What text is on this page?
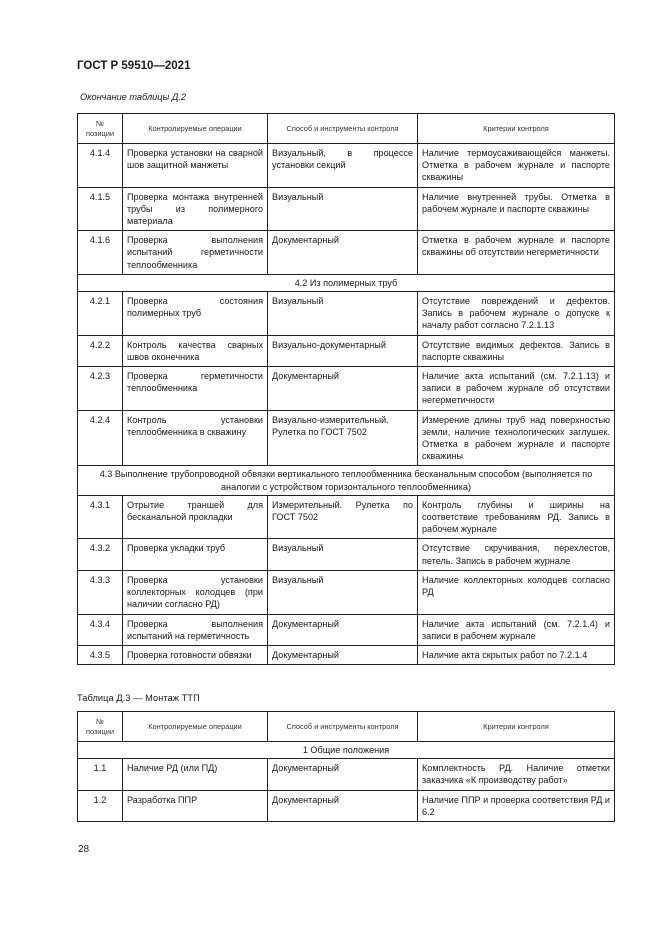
ГОСТ Р 59510—2021
Окончание таблицы Д.2
№ позиции	Контролируемые операции	Способ и инструменты контроля	Критерии контроля
4.1.4	Проверка установки на сварной шов защитной манжеты	Визуальный, в процессе установки секций	Наличие термоусаживающейся манжеты. Отметка в рабочем журнале и паспорте скважины
4.1.5	Проверка монтажа внутренней трубы из полимерного материала	Визуальный	Наличие внутренней трубы. Отметка в рабочем журнале и паспорте скважины
4.1.6	Проверка выполнения испытаний герметичности теплообменника	Документарный	Отметка в рабочем журнале и паспорте скважины об отсутствии негерметичности
4.2 Из полимерных труб			
4.2.1	Проверка состояния полимерных труб	Визуальный	Отсутствие повреждений и дефектов. Запись в рабочем журнале о допуске к началу работ согласно 7.2.1.13
4.2.2	Контроль качества сварных швов оконечника	Визуально-документарный	Отсутствие видимых дефектов. Запись в паспорте скважины
4.2.3	Проверка герметичности теплообменника	Документарный	Наличие акта испытаний (см. 7.2.1.13) и записи в рабочем журнале об отсутствии негерметичности
4.2.4	Контроль установки теплообменника в скважину	Визуально-измерительный. Рулетка по ГОСТ 7502	Измерение длины труб над поверхностью земли, наличие технологических заглушек. Отметка в рабочем журнале и паспорте скважины
4.3 Выполнение трубопроводной обвязки вертикального теплообменника бесканальным способом (выполняется по аналогии с устройством горизонтального теплообменника)			
4.3.1	Отрытие траншей для бесканальной прокладки	Измерительный. Рулетка по ГОСТ 7502	Контроль глубины и ширины на соответствие требованиям РД. Запись в рабочем журнале
4.3.2	Проверка укладки труб	Визуальный	Отсутствие скручивания, перехлестов, петель. Запись в рабочем журнале
4.3.3	Проверка установки коллекторных колодцев (при наличии согласно РД)	Визуальный	Наличие коллекторных колодцев согласно РД
4.3.4	Проверка выполнения испытаний на герметичность	Документарный	Наличие акта испытаний (см. 7.2.1.4) и записи в рабочем журнале
4.3.5	Проверка готовности обвязки	Документарный	Наличие акта скрытых работ по 7.2.1.4
Таблица Д.3 — Монтаж ТТП
№ позиции	Контролируемые операции	Способ и инструменты контроля	Критерии контроля
1 Общие положения			
1.1	Наличие РД (или ПД)	Документарный	Комплектность РД. Наличие отметки заказчика «К производству работ»
1.2	Разработка ППР	Документарный	Наличие ППР и проверка соответствия РД и 6.2
28
